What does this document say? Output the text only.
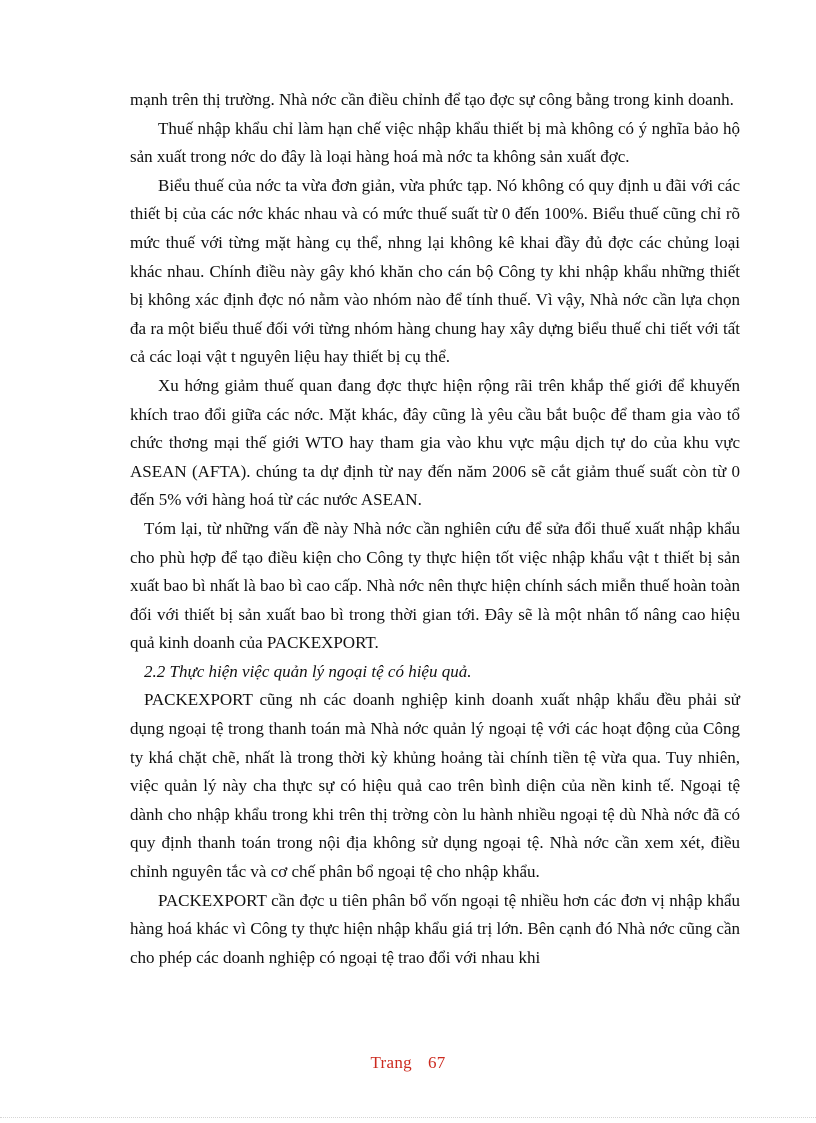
mạnh trên thị trường. Nhà nớc cần điều chỉnh để tạo đợc sự công bằng trong kinh doanh.

Thuế nhập khẩu chỉ làm hạn chế việc nhập khẩu thiết bị mà không có ý nghĩa bảo hộ sản xuất trong nớc do đây là loại hàng hoá mà nớc ta không sản xuất đợc.

Biểu thuế của nớc ta vừa đơn giản, vừa phức tạp. Nó không có quy định u đãi với các thiết bị của các nớc khác nhau và có mức thuế suất từ 0 đến 100%. Biểu thuế cũng chỉ rõ mức thuế với từng mặt hàng cụ thể, nhng lại không kê khai đầy đủ đợc các chủng loại khác nhau. Chính điều này gây khó khăn cho cán bộ Công ty khi nhập khẩu những thiết bị không xác định đợc nó nằm vào nhóm nào để tính thuế. Vì vậy, Nhà nớc cần lựa chọn đa ra một biểu thuế đối với từng nhóm hàng chung hay xây dựng biểu thuế chi tiết với tất cả các loại vật t nguyên liệu hay thiết bị cụ thể.

Xu hớng giảm thuế quan đang đợc thực hiện rộng rãi trên khắp thế giới để khuyến khích trao đổi giữa các nớc. Mặt khác, đây cũng là yêu cầu bắt buộc để tham gia vào tổ chức thơng mại thế giới WTO hay tham gia vào khu vực mậu dịch tự do của khu vực ASEAN (AFTA). chúng ta dự định từ nay đến năm 2006 sẽ cắt giảm thuế suất còn từ 0 đến 5% với hàng hoá từ các nước ASEAN.

Tóm lại, từ những vấn đề này Nhà nớc cần nghiên cứu để sửa đổi thuế xuất nhập khẩu cho phù hợp để tạo điều kiện cho Công ty thực hiện tốt việc nhập khẩu vật t thiết bị sản xuất bao bì nhất là bao bì cao cấp. Nhà nớc nên thực hiện chính sách miễn thuế hoàn toàn đối với thiết bị sản xuất bao bì trong thời gian tới. Đây sẽ là một nhân tố nâng cao hiệu quả kinh doanh của PACKEXPORT.

2.2 Thực hiện việc quản lý ngoại tệ có hiệu quả.

PACKEXPORT cũng nh các doanh nghiệp kinh doanh xuất nhập khẩu đều phải sử dụng ngoại tệ trong thanh toán mà Nhà nớc quản lý ngoại tệ với các hoạt động của Công ty khá chặt chẽ, nhất là trong thời kỳ khủng hoảng tài chính tiền tệ vừa qua. Tuy nhiên, việc quản lý này cha thực sự có hiệu quả cao trên bình diện của nền kinh tế. Ngoại tệ dành cho nhập khẩu trong khi trên thị trờng còn lu hành nhiều ngoại tệ dù Nhà nớc đã có quy định thanh toán trong nội địa không sử dụng ngoại tệ. Nhà nớc cần xem xét, điều chỉnh nguyên tắc và cơ chế phân bổ ngoại tệ cho nhập khẩu.

PACKEXPORT cần đợc u tiên phân bổ vốn ngoại tệ nhiều hơn các đơn vị nhập khẩu hàng hoá khác vì Công ty thực hiện nhập khẩu giá trị lớn. Bên cạnh đó Nhà nớc cũng cần cho phép các doanh nghiệp có ngoại tệ trao đổi với nhau khi

Trang 67
